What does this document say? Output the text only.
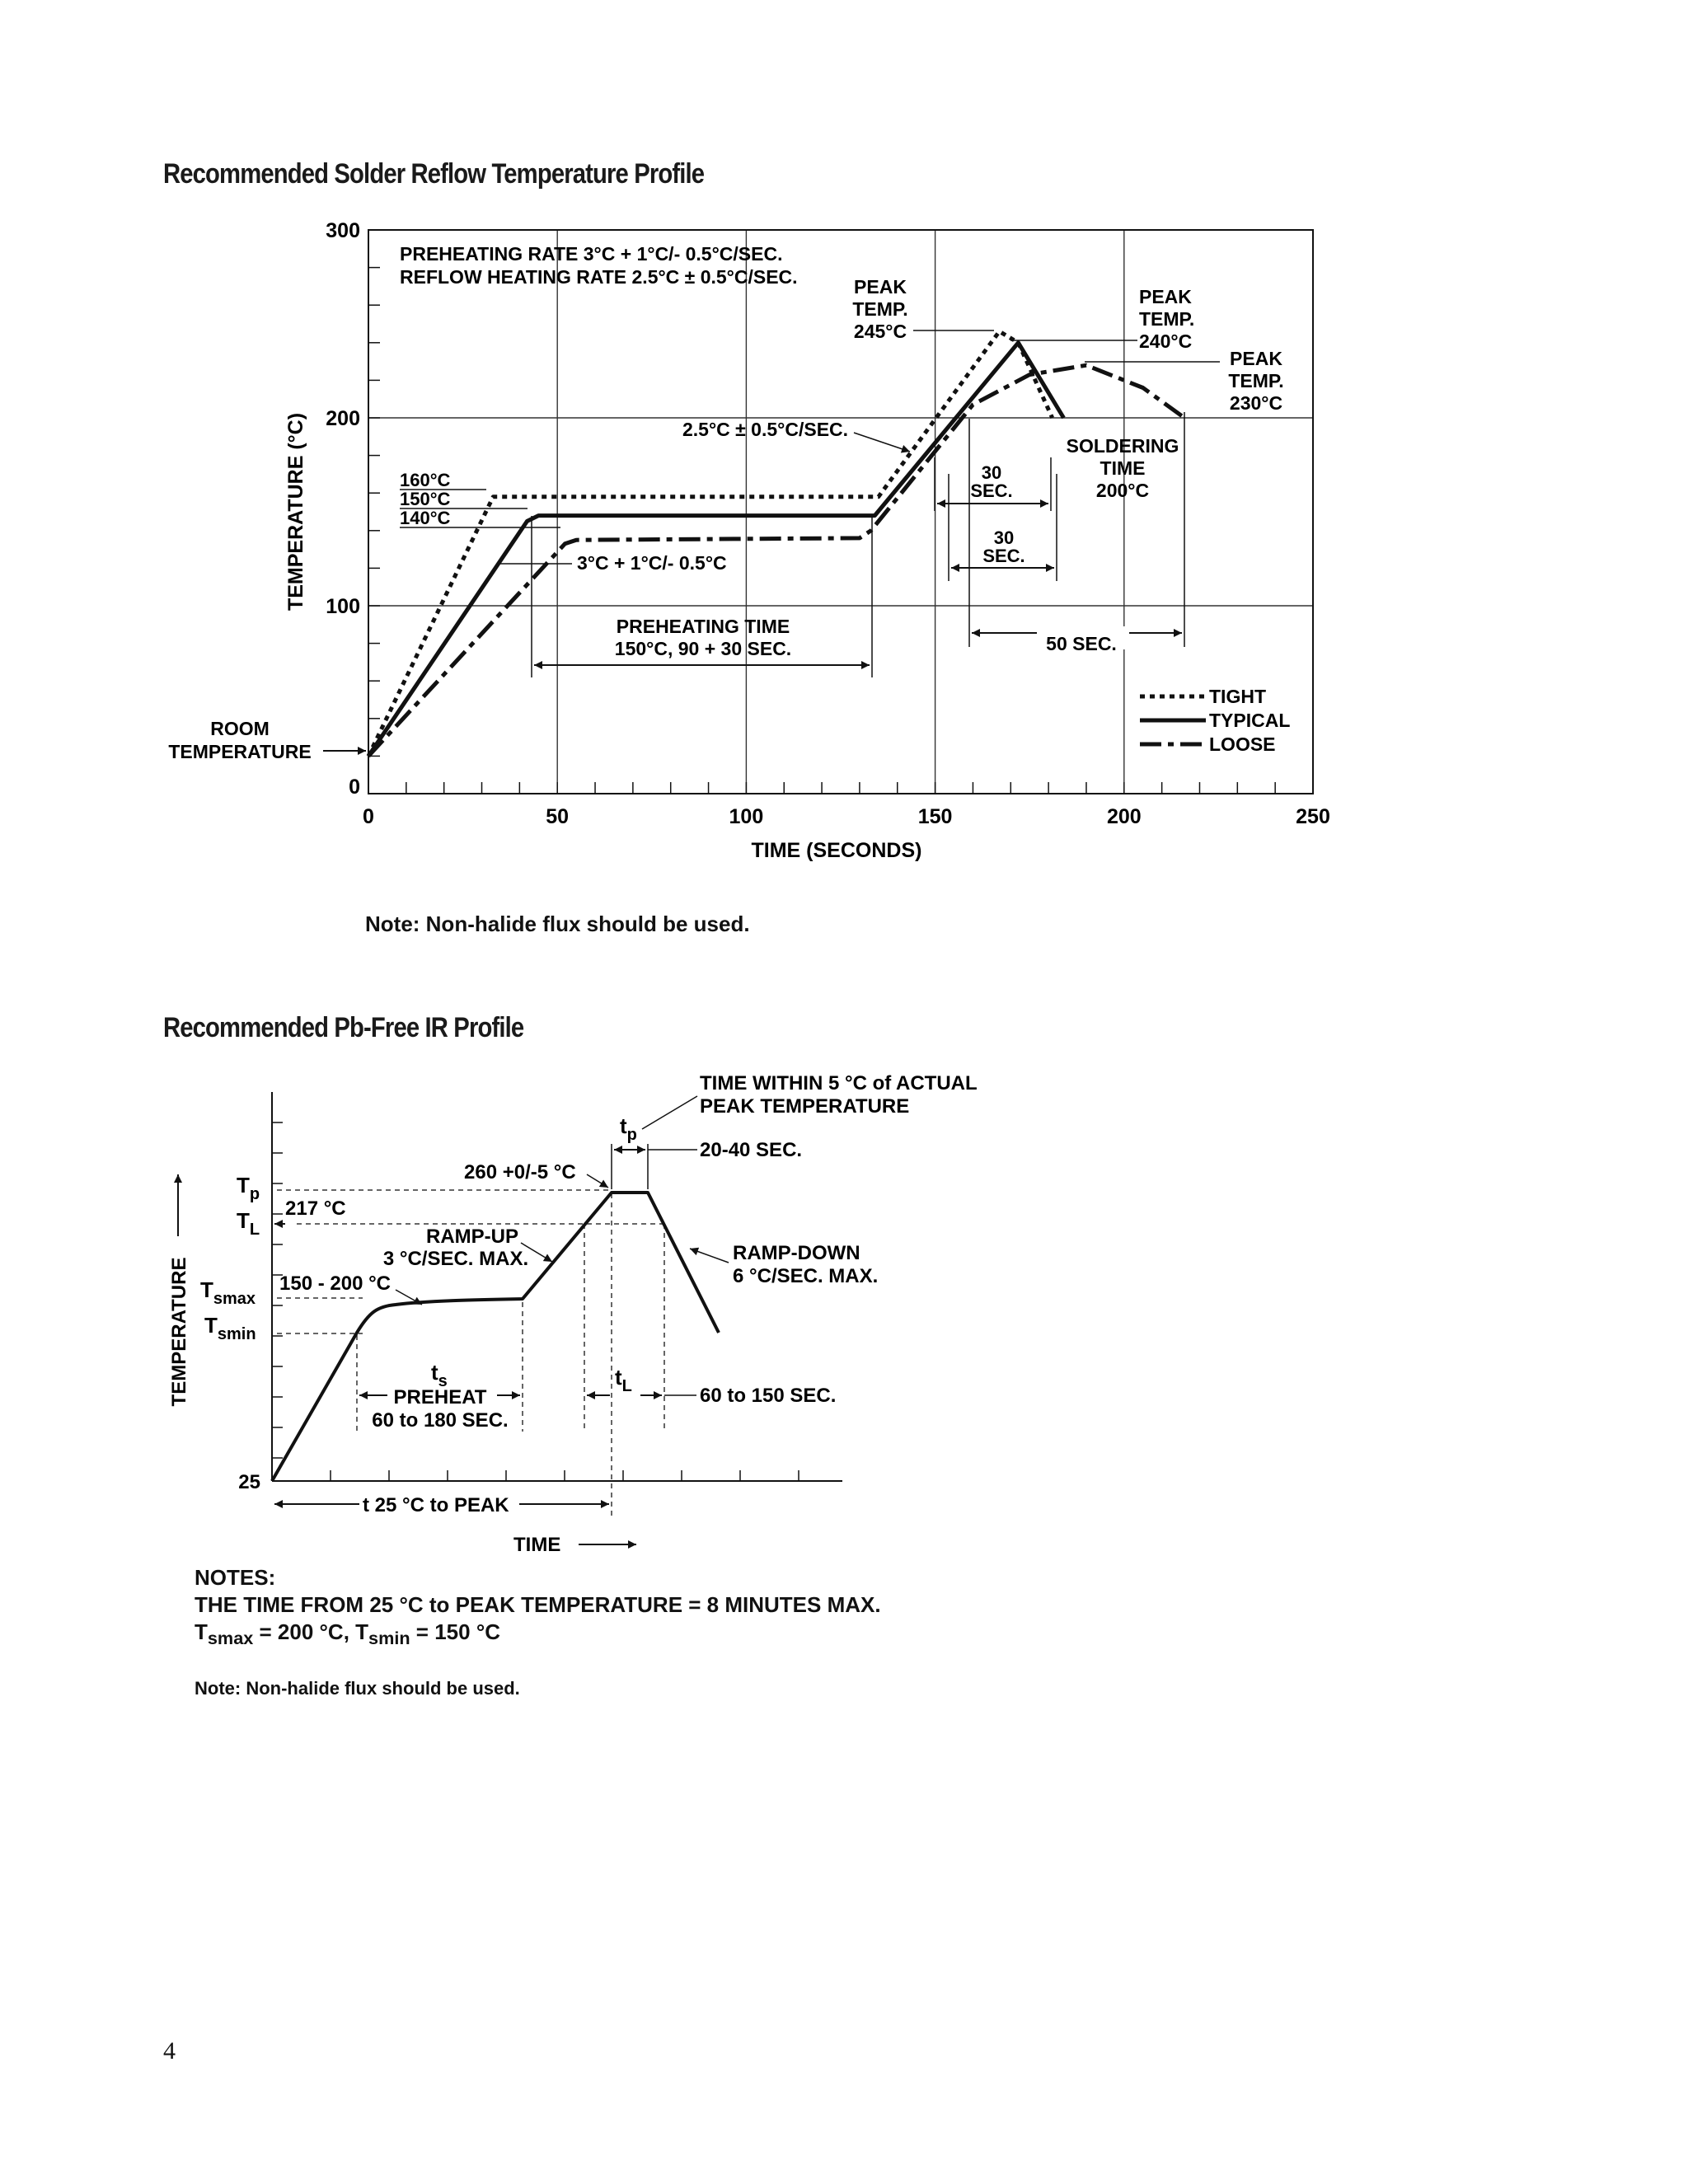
Recommended Solder Reflow Temperature Profile
Recommended Pb-Free IR Profile
0	50	100	150	200	250
0
100
200
300
TIME (SECONDS)
TEMPERATURE (°C)
ROOM
TEMPERATURE
PREHEATING RATE 3°C + 1°C/- 0.5°C/SEC.
REFLOW HEATING RATE 2.5°C ± 0.5°C/SEC.	PEAK
TEMP.
245°C
PEAK
TEMP.
240°C
PEAK
TEMP.
230°C
2.5°C ± 0.5°C/SEC.
160°C
150°C
140°C
3°C + 1°C/- 0.5°C
PREHEATING TIME
150°C, 90 + 30 SEC.
30
SEC.
30
SEC.
SOLDERING
TIME
200°C
50 SEC.
TIGHT
TYPICAL
LOOSE
$T_p$
$T_L$
$T_{smax}$
$T_{smin}$
25
TEMPERATURE
TIME
t 25 °C to PEAK
TIME WITHIN 5 °C of ACTUAL
PEAK TEMPERATURE
$t_p$
20-40 SEC.
260 +0/-5 °C
217 °C
RAMP-UP
3 °C/SEC. MAX.	RAMP-DOWN
6 °C/SEC. MAX.
150 - 200 °C
$t_s$
PREHEAT
60 to 180 SEC.
$t_L$	60 to 150 SEC.
Note: Non-halide flux should be used.
NOTES:
THE TIME FROM 25 °C to PEAK TEMPERATURE = 8 MINUTES MAX.
$T_{smax} = 200$ °C, $T_{smin} = 150$ °C
Note: Non-halide flux should be used.
4
